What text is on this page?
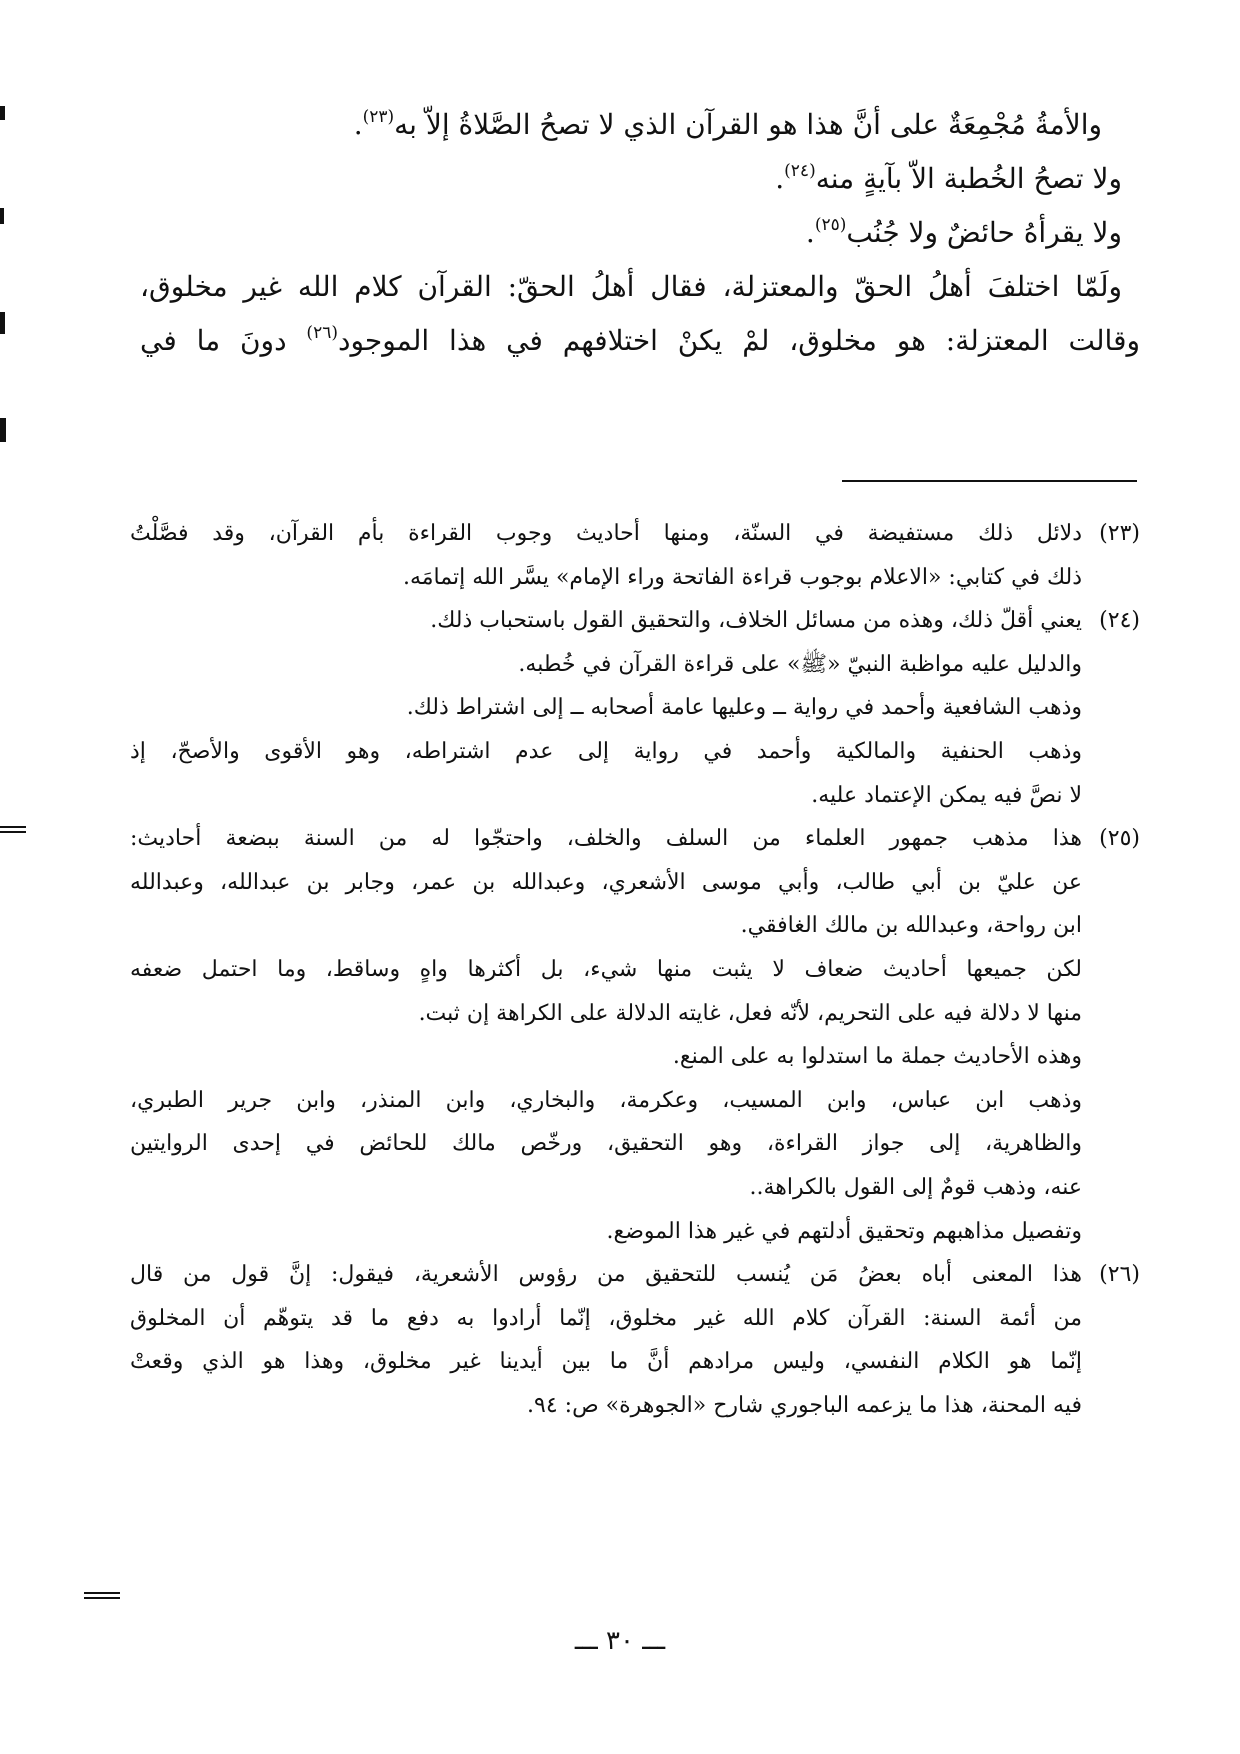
والأمةُ مُجْمِعَةٌ على أنَّ هذا هو القرآن الذي لا تصحُ الصَّلاةُ إلاّ به$^{(٢٣)}$.
ولا تصحُ الخُطبة الاّ بآيةٍ منه$^{(٢٤)}$.
ولا يقرأهُ حائضٌ ولا جُنُب$^{(٢٥)}$.
ولَمّا اختلفَ أهلُ الحقّ والمعتزلة، فقال أهلُ الحقّ: القرآن كلام الله غير مخلوق،
وقالت المعتزلة: هو مخلوق، لمْ يكنْ اختلافهم في هذا الموجود$^{(٢٦)}$ دونَ ما في
(٢٣)دلائل ذلك مستفيضة في السنّة، ومنها أحاديث وجوب القراءة بأم القرآن، وقد فصَّلْتُ
ذلك في كتابي: «الاعلام بوجوب قراءة الفاتحة وراء الإمام» يسَّر الله إتمامَه.
(٢٤)يعني أقلّ ذلك، وهذه من مسائل الخلاف، والتحقيق القول باستحباب ذلك.
والدليل عليه مواظبة النبيّ «ﷺ» على قراءة القرآن في خُطبه.
وذهب الشافعية وأحمد في رواية ــ وعليها عامة أصحابه ــ إلى اشتراط ذلك.
وذهب الحنفية والمالكية وأحمد في رواية إلى عدم اشتراطه، وهو الأقوى والأصحّ، إذ
لا نصَّ فيه يمكن الإعتماد عليه.
(٢٥)هذا مذهب جمهور العلماء من السلف والخلف، واحتجّوا له من السنة ببضعة أحاديث:
عن عليّ بن أبي طالب، وأبي موسى الأشعري، وعبدالله بن عمر، وجابر بن عبدالله، وعبدالله
ابن رواحة، وعبدالله بن مالك الغافقي.
لكن جميعها أحاديث ضعاف لا يثبت منها شيء، بل أكثرها واهٍ وساقط، وما احتمل ضعفه
منها لا دلالة فيه على التحريم، لأنّه فعل، غايته الدلالة على الكراهة إن ثبت.
وهذه الأحاديث جملة ما استدلوا به على المنع.
وذهب ابن عباس، وابن المسيب، وعكرمة، والبخاري، وابن المنذر، وابن جرير الطبري،
والظاهرية، إلى جواز القراءة، وهو التحقيق، ورخّص مالك للحائض في إحدى الروايتين
عنه، وذهب قومٌ إلى القول بالكراهة..
وتفصيل مذاهبهم وتحقيق أدلتهم في غير هذا الموضع.
(٢٦)هذا المعنى أباه بعضُ مَن يُنسب للتحقيق من رؤوس الأشعرية، فيقول: إنَّ قول من قال
من أئمة السنة: القرآن كلام الله غير مخلوق، إنّما أرادوا به دفع ما قد يتوهّم أن المخلوق
إنّما هو الكلام النفسي، وليس مرادهم أنَّ ما بين أيدينا غير مخلوق، وهذا هو الذي وقعتْ
فيه المحنة، هذا ما يزعمه الباجوري شارح «الجوهرة» ص: ٩٤.
ـــ ٣٠ ـــ
